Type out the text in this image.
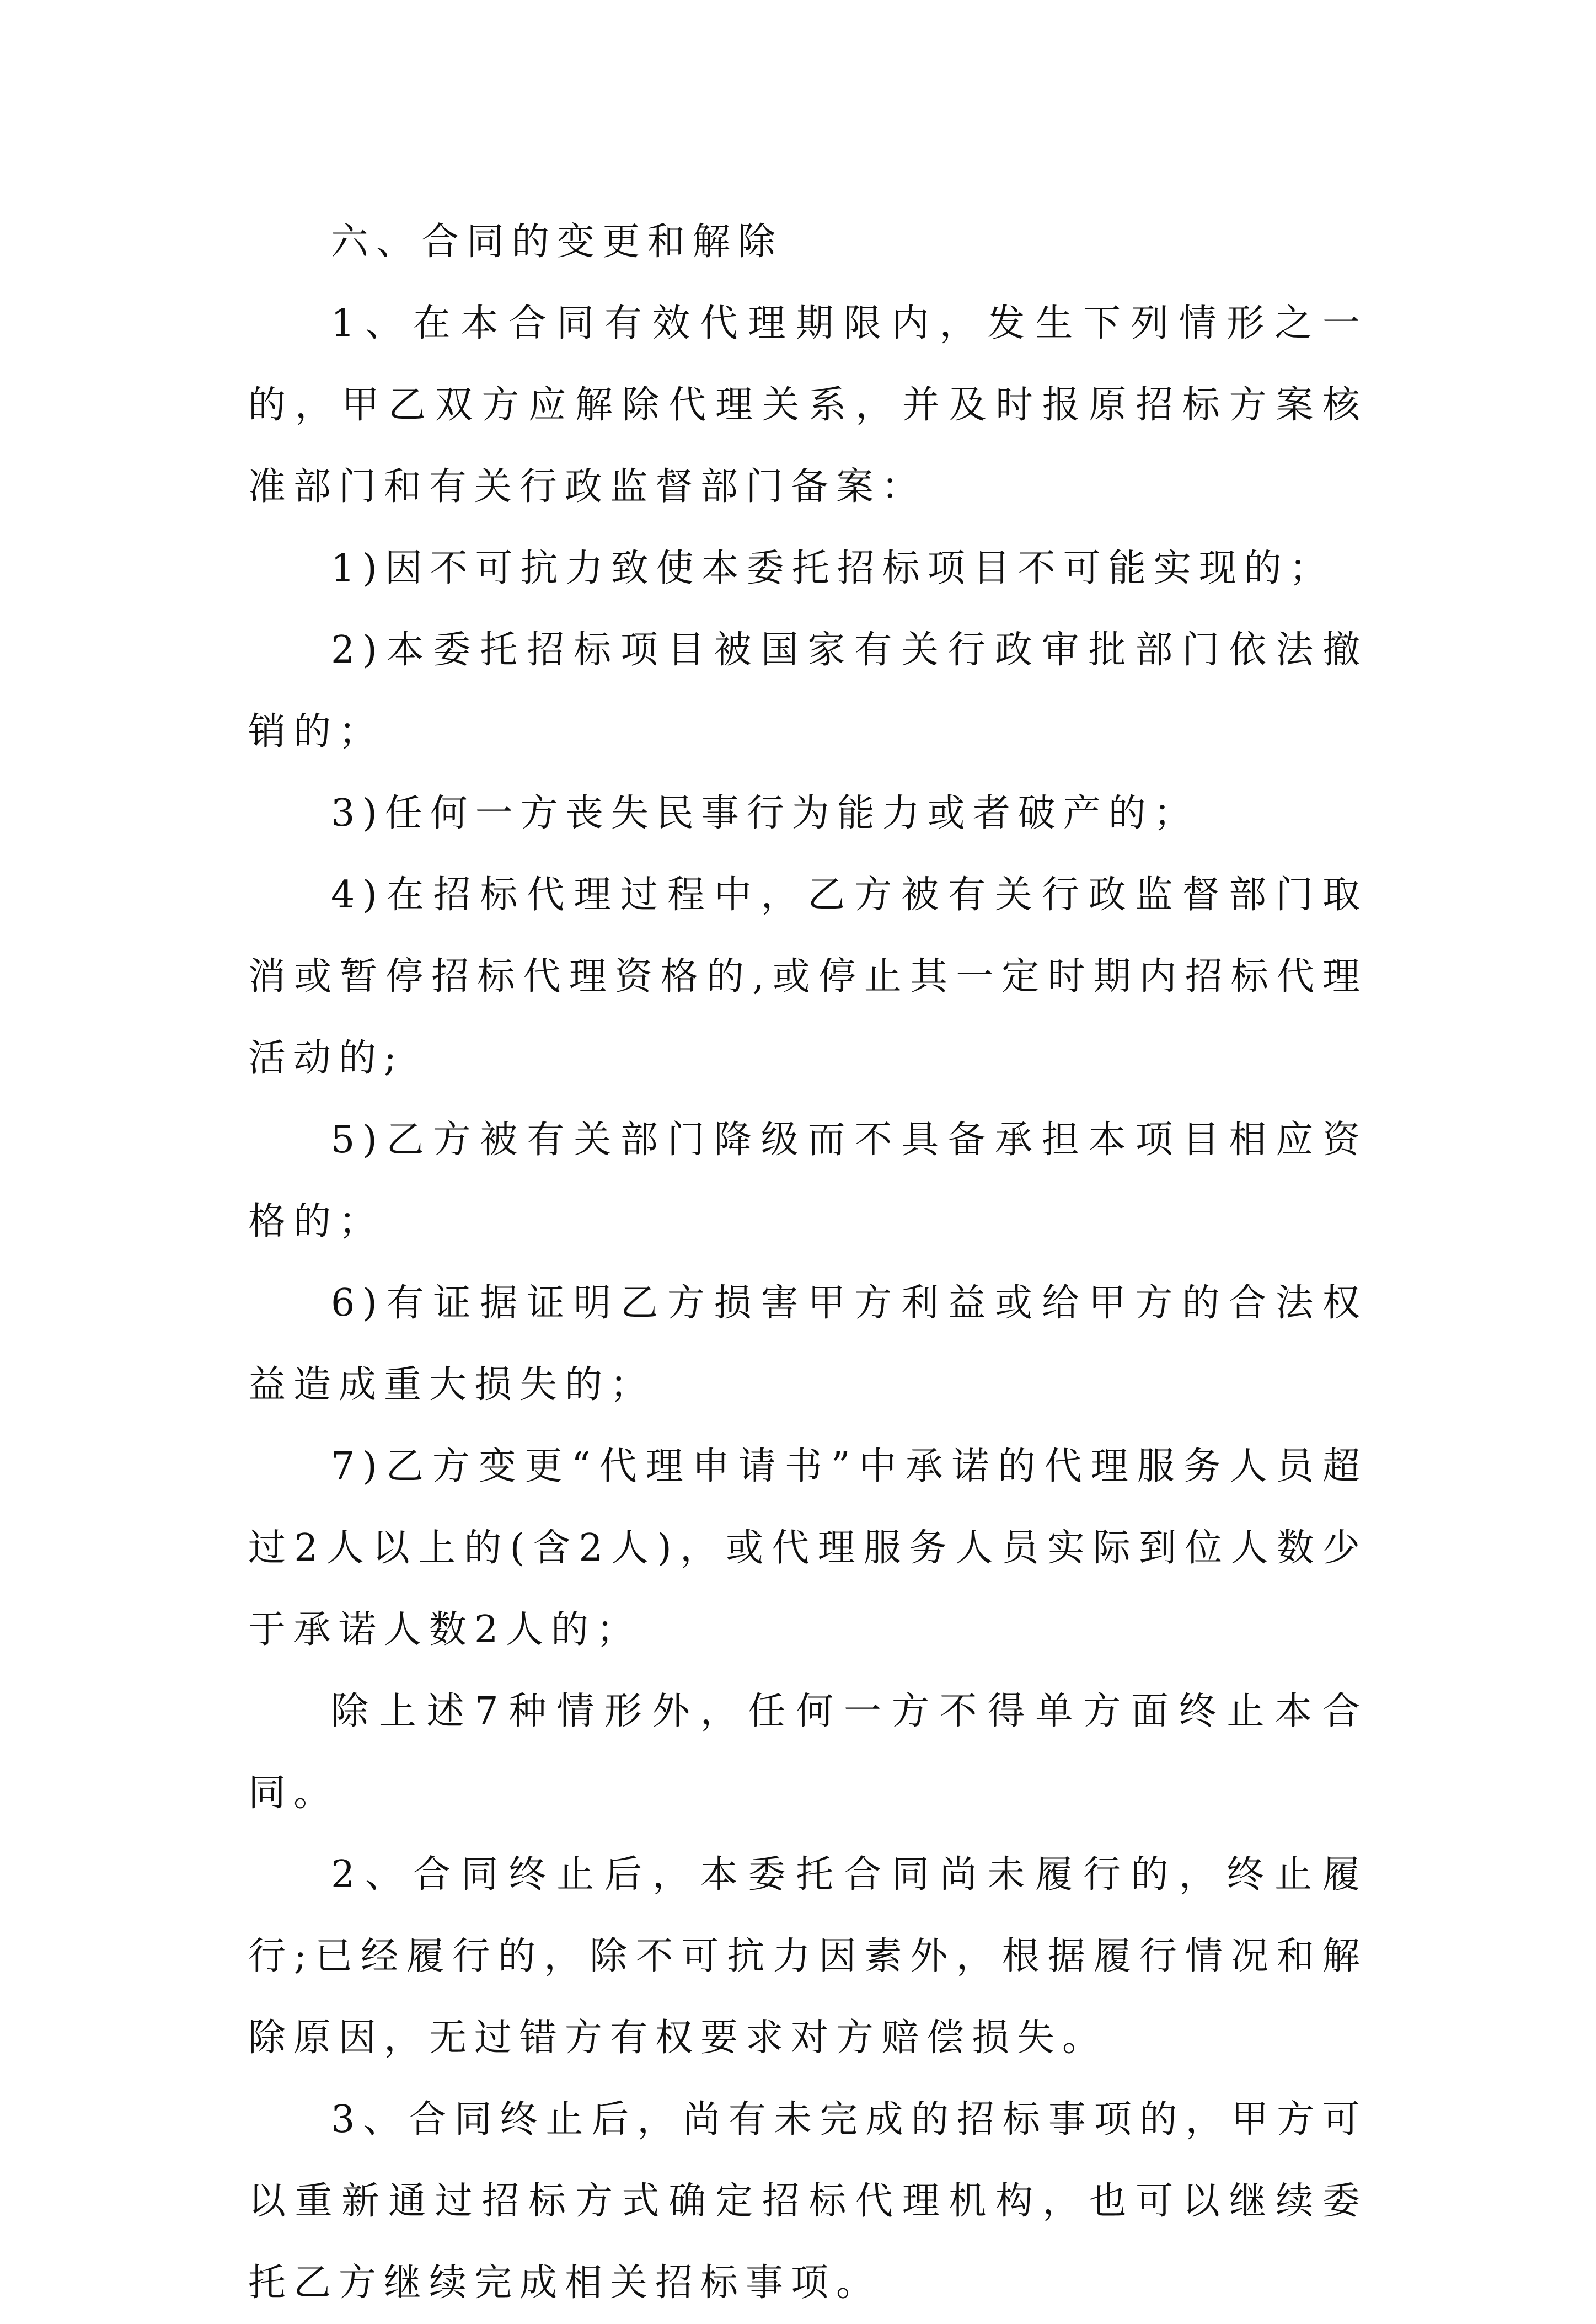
六、合同的变更和解除

1、在本合同有效代理期限内，发生下列情形之一的，甲乙双方应解除代理关系，并及时报原招标方案核准部门和有关行政监督部门备案：

1)因不可抗力致使本委托招标项目不可能实现的；

2)本委托招标项目被国家有关行政审批部门依法撤销的；

3)任何一方丧失民事行为能力或者破产的；

4)在招标代理过程中，乙方被有关行政监督部门取消或暂停招标代理资格的,或停止其一定时期内招标代理活动的;

5)乙方被有关部门降级而不具备承担本项目相应资格的；

6)有证据证明乙方损害甲方利益或给甲方的合法权益造成重大损失的；

7)乙方变更“代理申请书”中承诺的代理服务人员超过2人以上的(含2人)，或代理服务人员实际到位人数少于承诺人数2人的；

除上述7种情形外，任何一方不得单方面终止本合同。

2、合同终止后，本委托合同尚未履行的，终止履行;已经履行的，除不可抗力因素外，根据履行情况和解除原因，无过错方有权要求对方赔偿损失。

3、合同终止后，尚有未完成的招标事项的，甲方可以重新通过招标方式确定招标代理机构，也可以继续委托乙方继续完成相关招标事项。
